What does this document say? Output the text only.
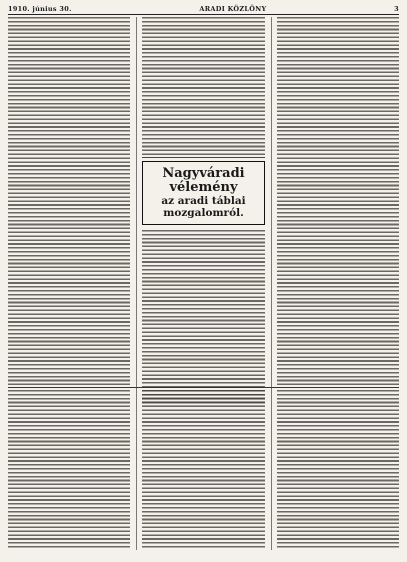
1910. június 30.	ARADI KÖZLÖNY	3
Nagyváradi vélemény
az aradi táblai mozgalomról.
